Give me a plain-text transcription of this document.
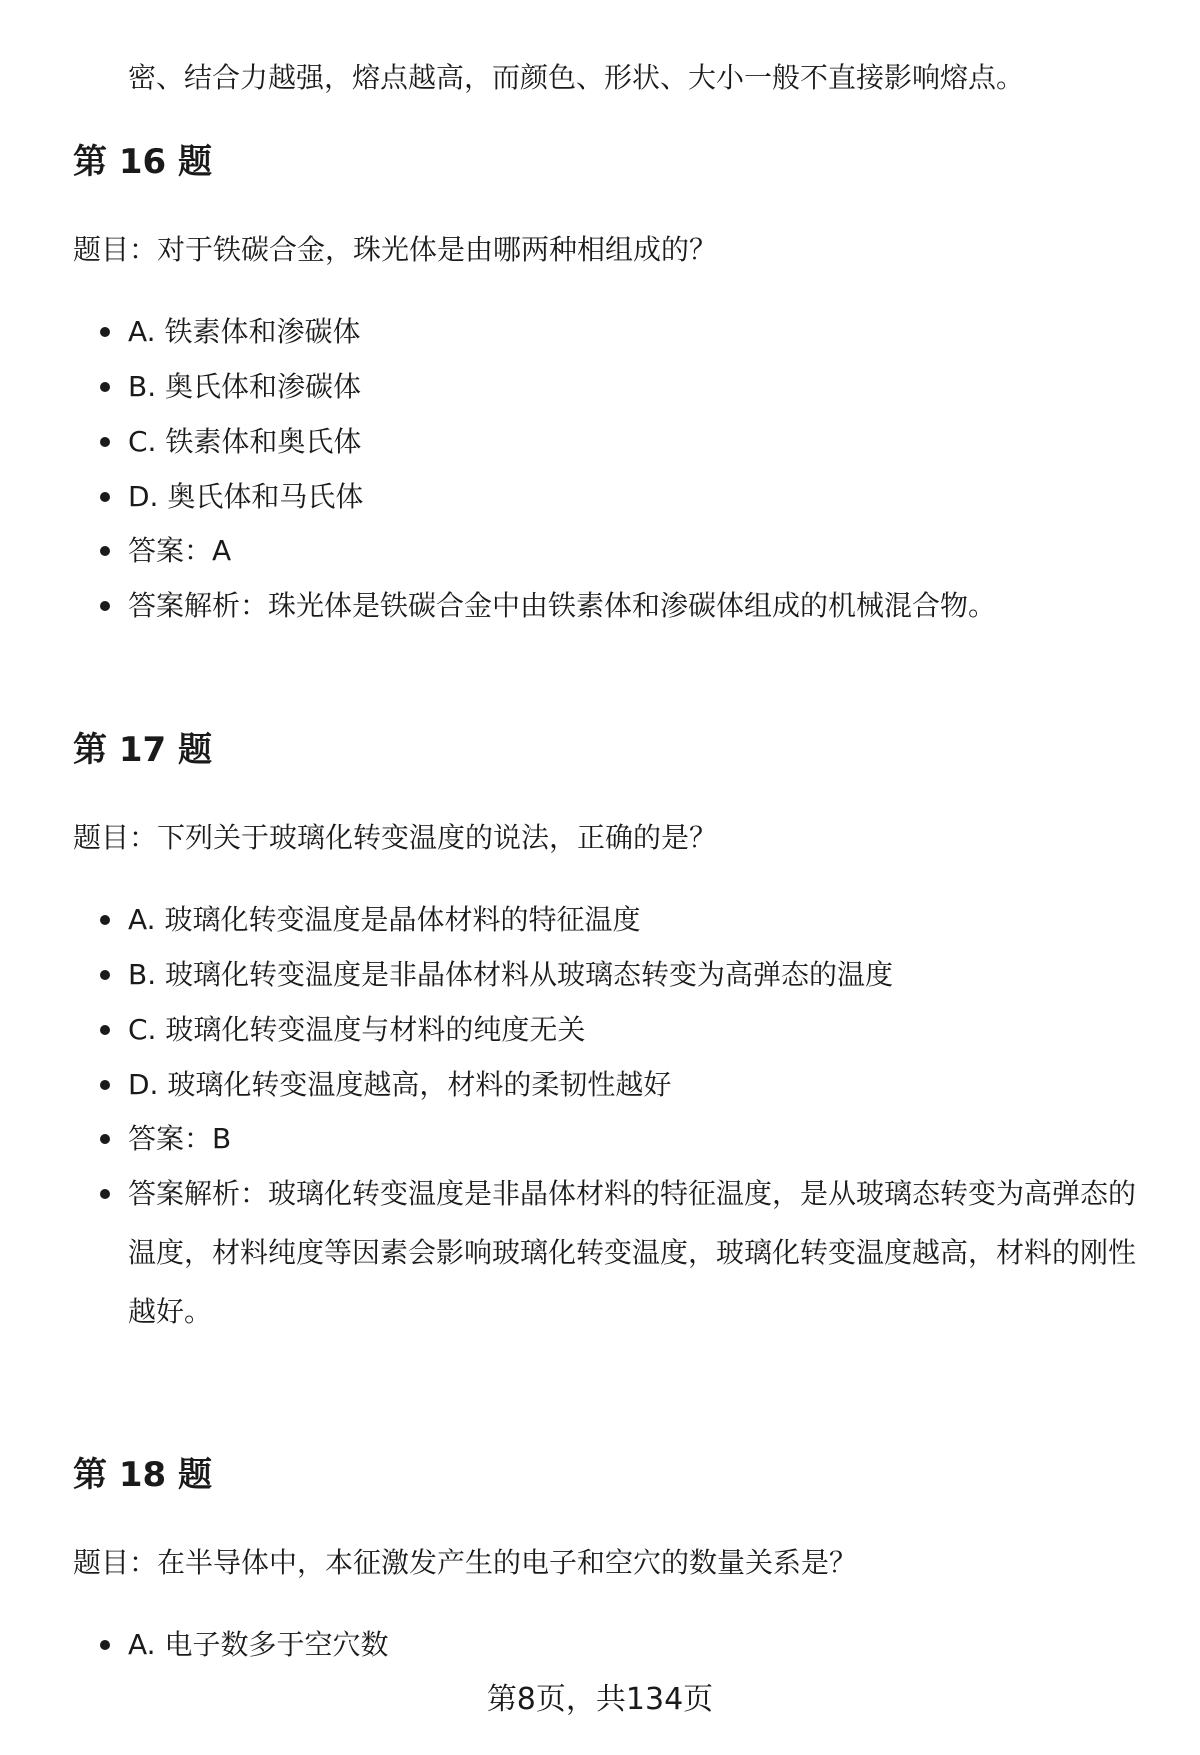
密、结合力越强，熔点越高，而颜色、形状、大小一般不直接影响熔点。
第 16 题
题目：对于铁碳合金，珠光体是由哪两种相组成的？
A. 铁素体和渗碳体
B. 奥氏体和渗碳体
C. 铁素体和奥氏体
D. 奥氏体和马氏体
答案：A
答案解析：珠光体是铁碳合金中由铁素体和渗碳体组成的机械混合物。
第 17 题
题目：下列关于玻璃化转变温度的说法，正确的是？
A. 玻璃化转变温度是晶体材料的特征温度
B. 玻璃化转变温度是非晶体材料从玻璃态转变为高弹态的温度
C. 玻璃化转变温度与材料的纯度无关
D. 玻璃化转变温度越高，材料的柔韧性越好
答案：B
答案解析：玻璃化转变温度是非晶体材料的特征温度，是从玻璃态转变为高弹态的温度，材料纯度等因素会影响玻璃化转变温度，玻璃化转变温度越高，材料的刚性越好。
第 18 题
题目：在半导体中，本征激发产生的电子和空穴的数量关系是？
A. 电子数多于空穴数
第8页，共134页
